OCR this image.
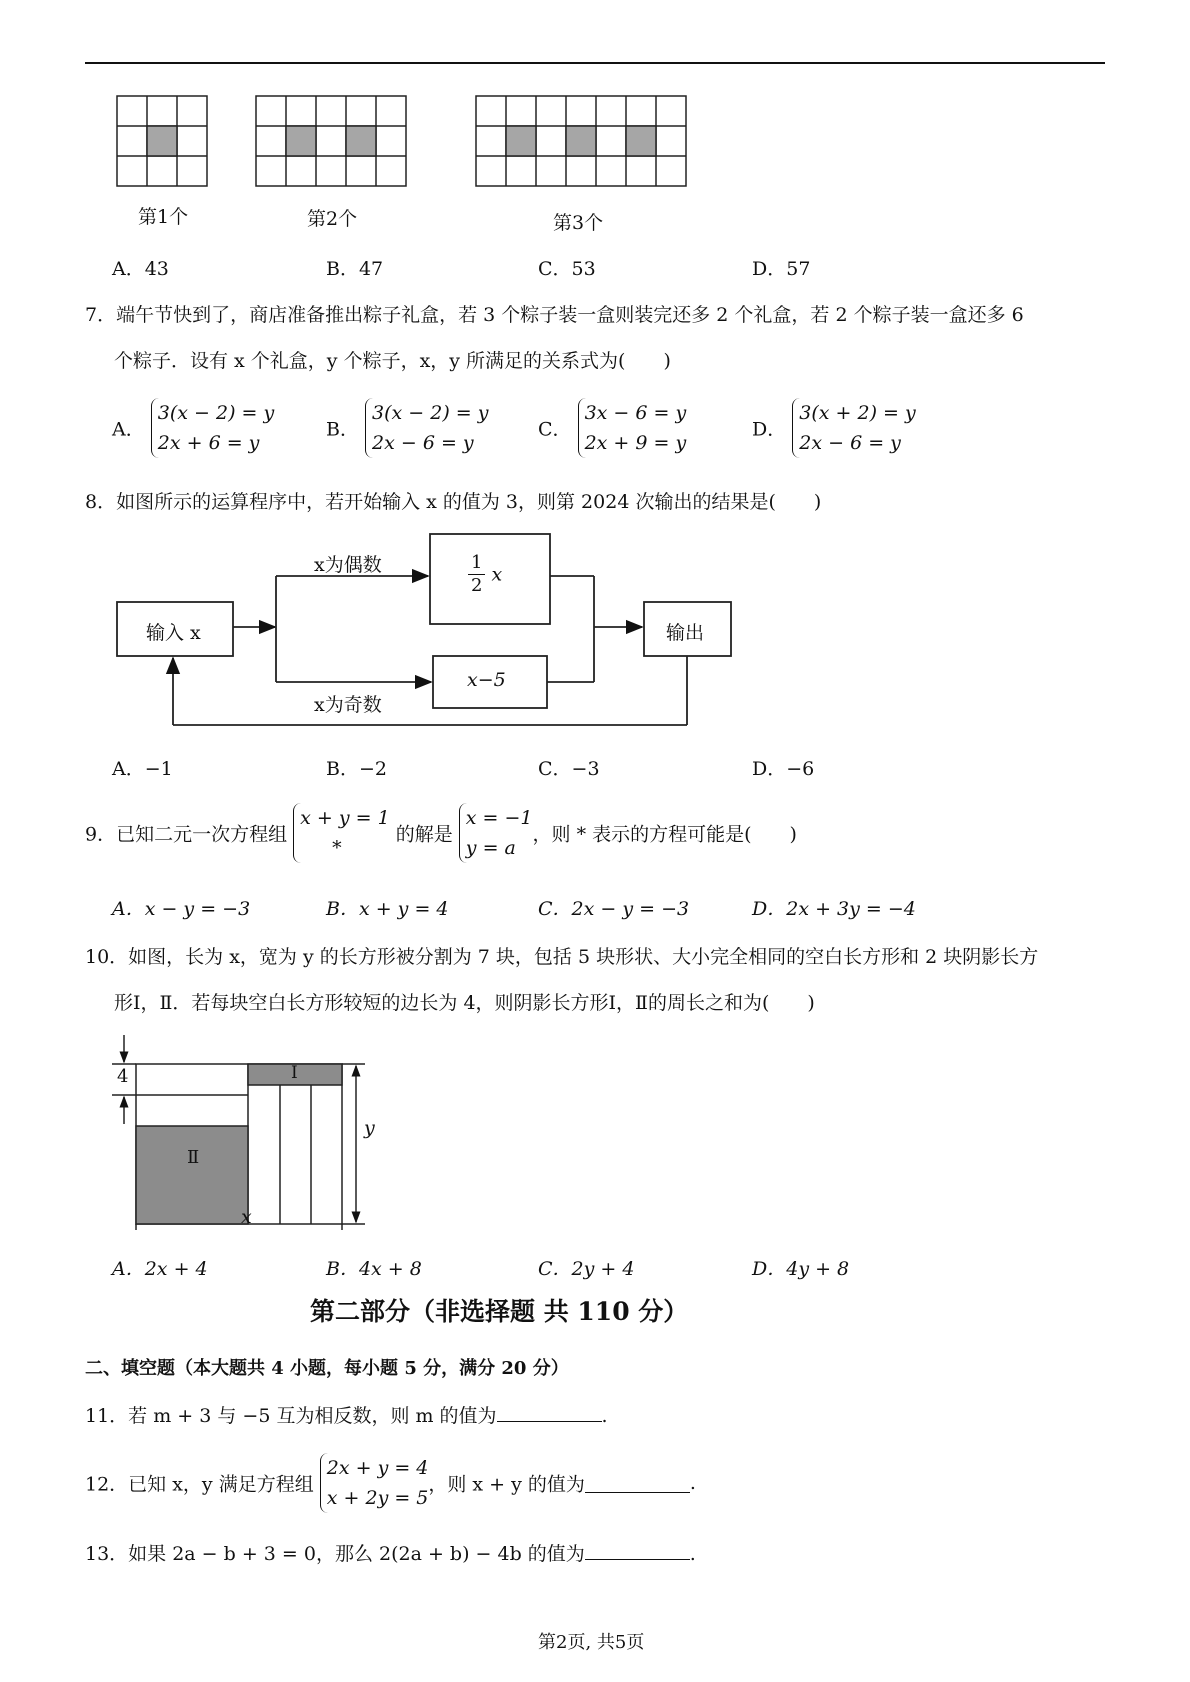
第1个	第2个	第3个
A．43	B．47	C．53	D．57
7．端午节快到了，商店准备推出粽子礼盒，若 3 个粽子装一盒则装完还多 2 个礼盒，若 2 个粽子装一盒还多 6
个粽子．设有 x 个礼盒，y 个粽子，x，y 所满足的关系式为(　　)
A． 3(x − 2) = y
2x + 6 = y
B． 3(x − 2) = y
2x − 6 = y
C． 3x − 6 = y
2x + 9 = y
D． 3(x + 2) = y
2x − 6 = y
8．如图所示的运算程序中，若开始输入 x 的值为 3，则第 2024 次输出的结果是(　　)
输入 x
x为偶数
x为奇数
$\frac{1}{2}$ x
x−5
输出
A．−1	B．−2	C．−3	D．−6
9．已知二元一次方程组 x + y = 1
* 的解是 x = −1
y = a，则 * 表示的方程可能是(　　)
A．x − y = −3	B．x + y = 4	C．2x − y = −3	D．2x + 3y = −4
10．如图，长为 x，宽为 y 的长方形被分割为 7 块，包括 5 块形状、大小完全相同的空白长方形和 2 块阴影长方
形Ⅰ，Ⅱ．若每块空白长方形较短的边长为 4，则阴影长方形Ⅰ，Ⅱ的周长之和为(　　)
4	Ⅰ
Ⅱ
y
x
A．2x + 4	B．4x + 8	C．2y + 4	D．4y + 8
第二部分（非选择题 共 110 分）
二、填空题（本大题共 4 小题，每小题 5 分，满分 20 分）
11．若 m + 3 与 −5 互为相反数，则 m 的值为	.
12．已知 x，y 满足方程组 2x + y = 4
x + 2y = 5，则 x + y 的值为	.
13．如果 2a − b + 3 = 0，那么 2(2a + b) − 4b 的值为	.
第2页, 共5页
